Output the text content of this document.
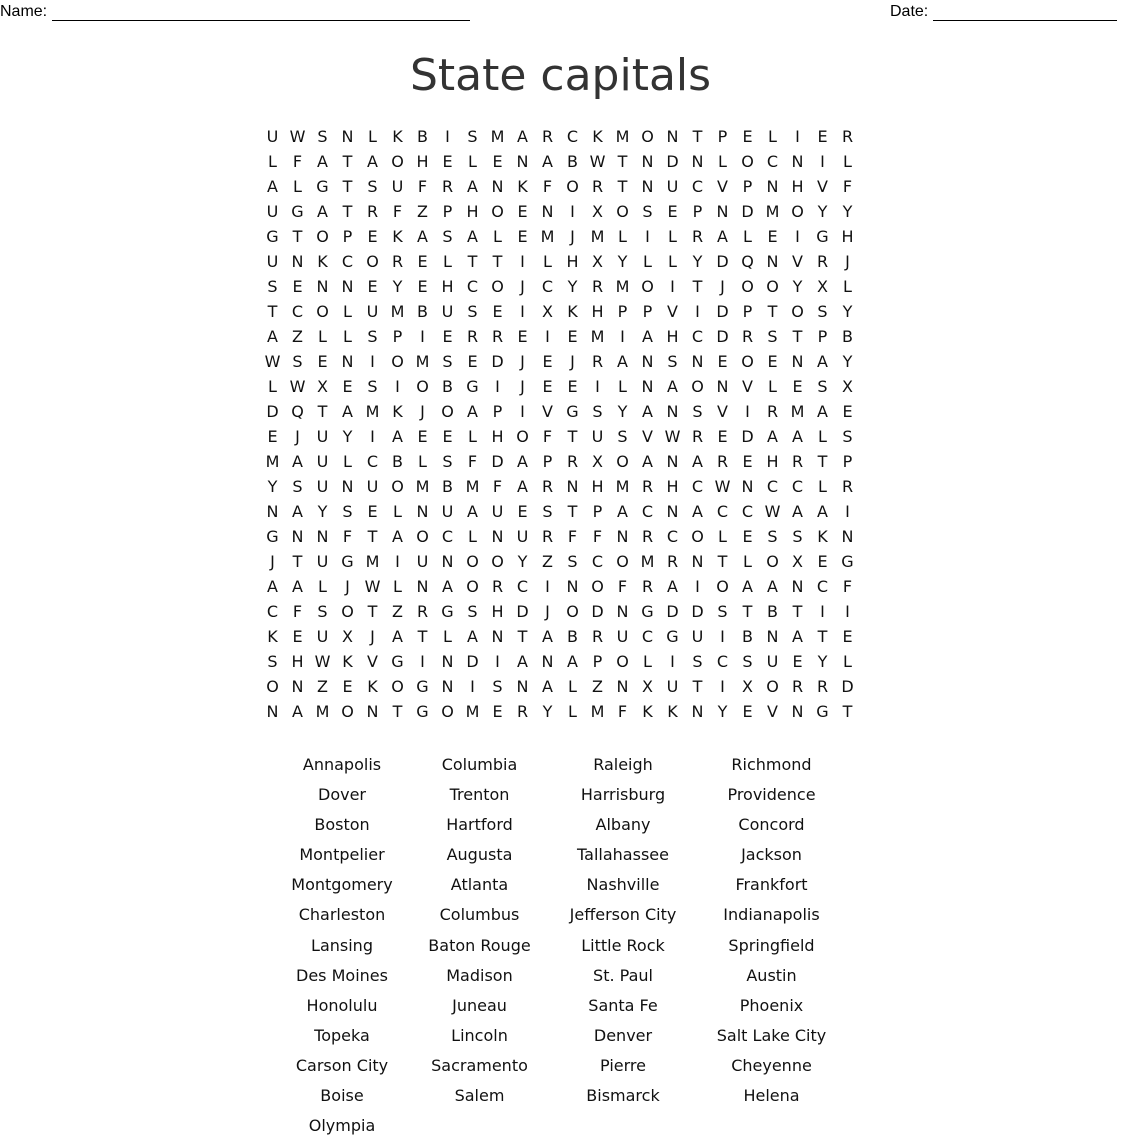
Name:	Date:
State capitals
U W S N L K B	I	S M A R C K M O N T P E L	I	E R
L F A T A O H E L E N A B W T N D N L O C N	I	L
A L G T S U F R A N K F O R T N U C V P N H V F
U G A T R F Z P H O E N	I	X O S E P N D M O Y Y
G T O P E K A S A L E M J M L	I	L R A L E	I	G H
U N K C O R E L T T	I	L H X Y L	L Y D Q N V R	J
S E N N E Y E H C O	J	C Y R M O	I	T	J	O O Y X L
T C O L U M B U S E	I	X K H P P V	I	D P T O S Y
A Z L	L S P	I	E R R E	I	E M I	A H C D R S T P B
W S E N	I	O M S E D	J	E	J	R A N S N E O E N A Y
L W X E S	I	O B G	I	J	E E	I	L N A O N V L E S X
D Q T A M K	J	O A P	I	V G S Y A N S V	I	R M A E
E	J	U Y	I	A E E L H O F T U S V W R E D A A L S
M A U L C B L S F D A P R X O A N A R E H R T P
Y S U N U O M B M F A R N H M R H C W N C C L R
N A Y S E L N U A U E S T P A C N A C C W A A	I
G N N F T A O C L N U R F F N R C O L E S S K N
J	T U G M I	U N O O Y Z S C O M R N T L O X E G
A A L	J W L N A O R C	I	N O F R A	I	O A A N C F
C F S O T Z R G S H D	J	O D N G D D S T B T	I	I
K E U X	J	A T L A N T A B R U C G U	I	B N A T E
S H W K V G	I	N D	I	A N A P O L	I	S C S U E Y L
O N Z E K O G N	I	S N A L Z N X U T	I	X O R R D
N A M O N T G O M E R Y L M F K K N Y E V N G T
Annapolis	Columbia	Raleigh	Richmond
Dover	Trenton	Harrisburg	Providence
Boston	Hartford	Albany	Concord
Montpelier	Augusta	Tallahassee	Jackson
Montgomery	Atlanta	Nashville	Frankfort
Charleston	Columbus	Jefferson City	Indianapolis
Lansing	Baton Rouge	Little Rock	Springfield
Des Moines	Madison	St. Paul	Austin
Honolulu	Juneau	Santa Fe	Phoenix
Topeka	Lincoln	Denver	Salt Lake City
Carson City	Sacramento	Pierre	Cheyenne
Boise	Salem	Bismarck	Helena
Olympia
